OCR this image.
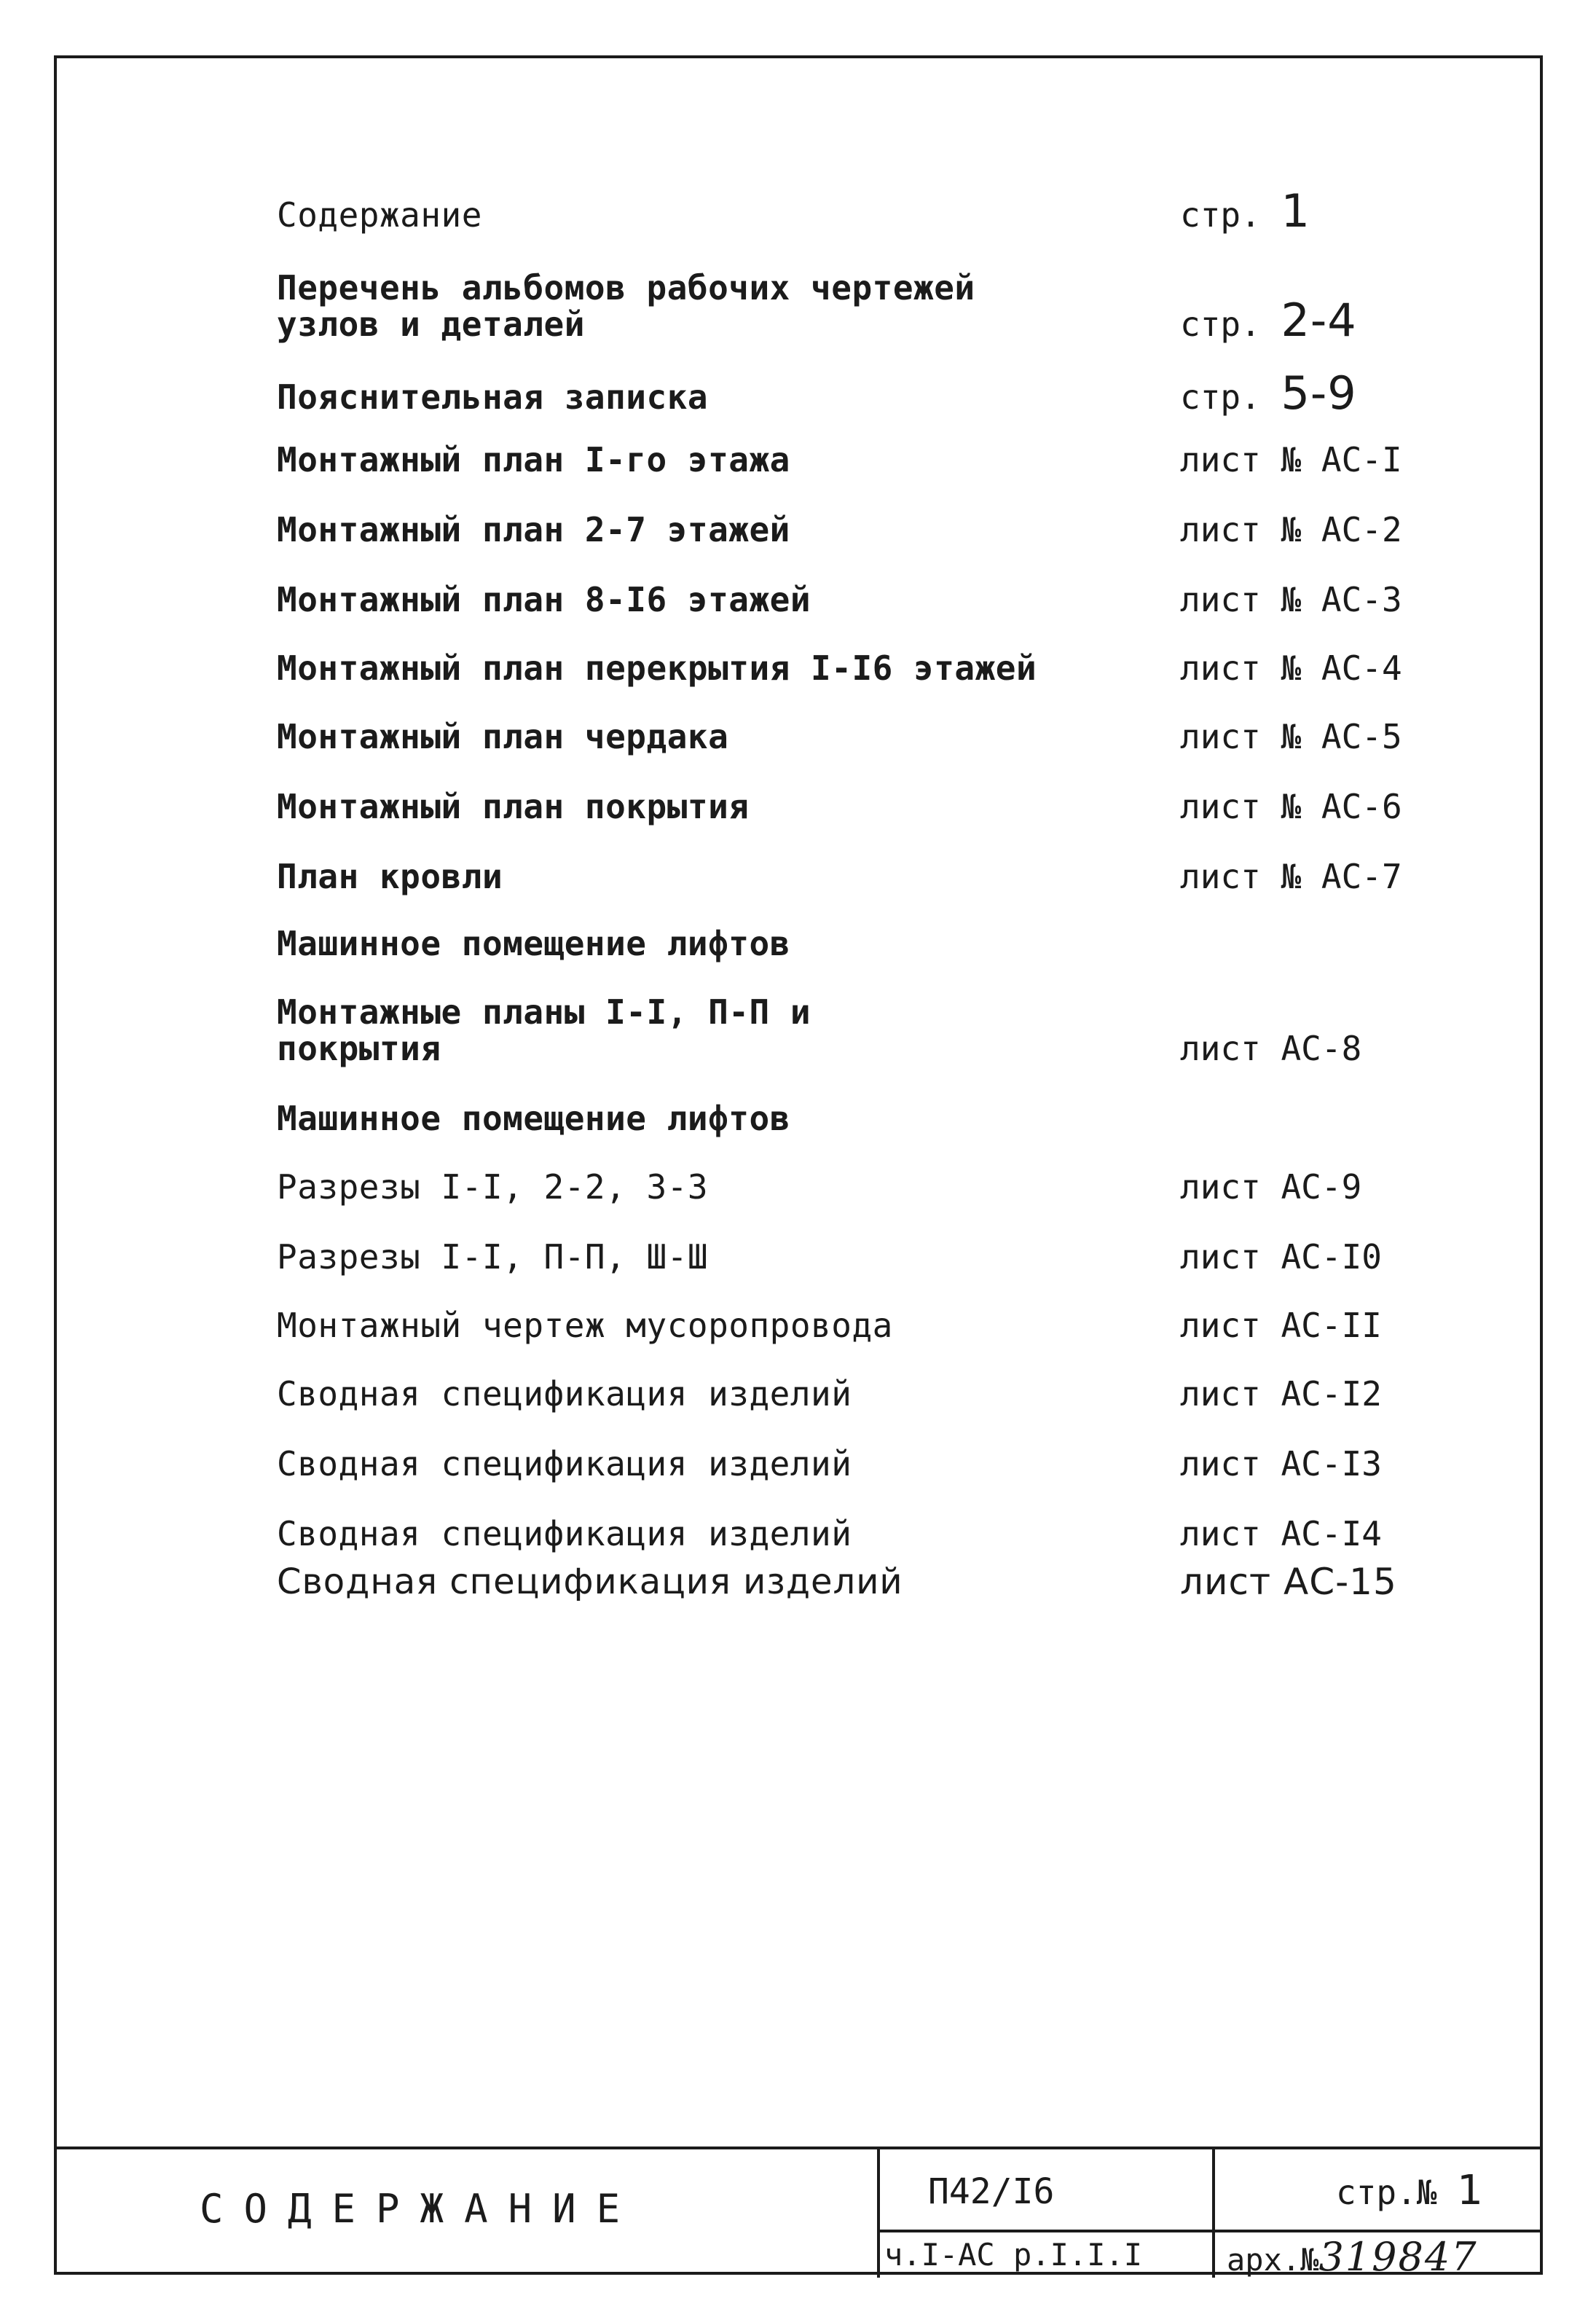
Содержание	стр. 1
Перечень альбомов рабочих чертежей
узлов и деталей	стр. 2-4
Пояснительная записка	стр. 5-9
Монтажный план I-го этажа	лист № АС-I
Монтажный план 2-7 этажей	лист № АС-2
Монтажный план 8-I6 этажей	лист № АС-3
Монтажный план перекрытия I-I6 этажей	лист № АС-4
Монтажный план чердака	лист № АС-5
Монтажный план покрытия	лист № АС-6
План кровли	лист № АС-7
Машинное помещение лифтов
Монтажные планы I-I, П-П и
покрытия	лист АС-8
Машинное помещение лифтов
Разрезы I-I, 2-2, 3-3	лист АС-9
Разрезы I-I, П-П, Ш-Ш	лист АС-I0
Монтажный чертеж мусоропровода	лист АС-II
Сводная спецификация изделий	лист АС-I2
Сводная спецификация изделий	лист АС-I3
Сводная спецификация изделий	лист АС-I4
Сводная спецификация изделий	лист АС-15
СОДЕРЖАНИЕ	П42/I6	стр.№ 1
ч.I-АС р.I.I.I	арх.№319847
